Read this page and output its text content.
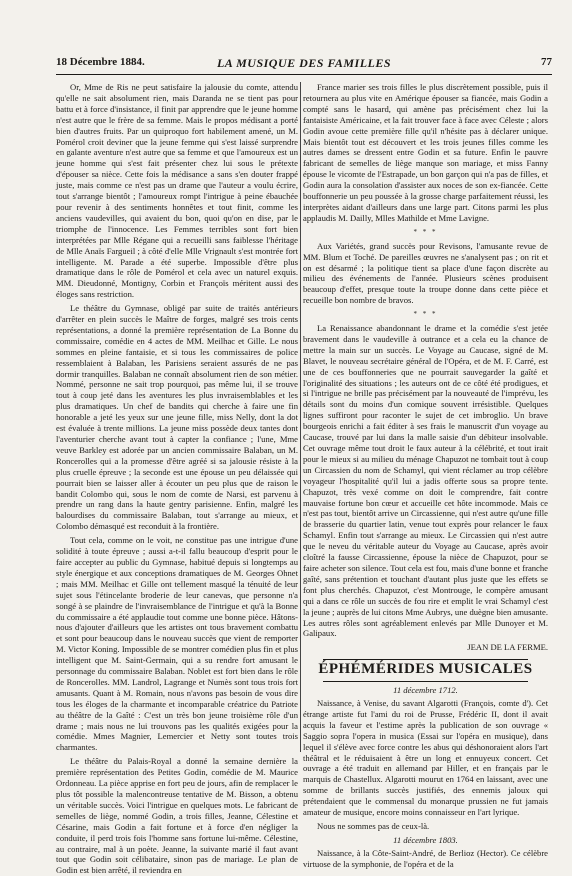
18 Décembre 1884.	LA MUSIQUE DES FAMILLES	77

Or, Mme de Ris ne peut satisfaire la jalousie du comte, attendu qu'elle ne sait absolument rien, mais Daranda ne se tient pas pour battu et à force d'insistance, il finit par apprendre que le jeune homme n'est autre que le frère de sa femme. Mais le propos médisant a porté bien d'autres fruits. Par un quiproquo fort habilement amené, un M. Pomérol croit deviner que la jeune femme qui s'est laissé surprendre en galante aventure n'est autre que sa femme et que l'amoureux est un jeune homme qui s'est fait présenter chez lui sous le prétexte d'épouser sa nièce. Cette fois la médisance a sans s'en douter frappé juste, mais comme ce n'est pas un drame que l'auteur a voulu écrire, tout s'arrange bientôt ; l'amoureux rompt l'intrigue à peine ébauchée pour revenir à des sentiments honnêtes et tout finit, comme les anciens vaudevilles, qui avaient du bon, quoi qu'on en dise, par le triomphe de l'innocence. Les Femmes terribles sont fort bien interprétées par Mlle Régane qui a recueilli sans faiblesse l'héritage de Mlle Anaïs Fargueil ; à côté d'elle Mlle Vrignault s'est montrée fort intelligente. M. Parade a été superbe. Impossible d'être plus dramatique dans le rôle de Pomérol et cela avec un naturel exquis. MM. Dieudonné, Montigny, Corbin et Françoïs méritent aussi des éloges sans restriction.

Le théâtre du Gymnase, obligé par suite de traités antérieurs d'arrêter en plein succès le Maître de forges, malgré ses trois cents représentations, a donné la première représentation de La Bonne du commissaire, comédie en 4 actes de MM. Meilhac et Gille. Le nous sommes en pleine fantaisie, et si tous les commissaires de police ressemblaient à Balaban, les Parisiens seraient assurés de ne pas dormir tranquilles. Balaban ne connaît absolument rien de son métier. Nommé, personne ne sait trop pourquoi, pas même lui, il se trouve tout à coup jeté dans les aventures les plus invraisemblables et les plus dramatiques. Un chef de bandits qui cherche à faire une fin honorable a jeté les yeux sur une jeune fille, miss Nelly, dont la dot est évaluée à trente millions. La jeune miss possède deux tantes dont l'aventurier cherche avant tout à capter la confiance ; l'une, Mme veuve Barkley est adorée par un ancien commissaire Balaban, un M. Roncerolles qui a la promesse d'être agréé si sa jalousie résiste à la plus cruelle épreuve ; la seconde est une épouse un peu délaissée qui pourrait bien se laisser aller à écouter un peu plus que de raison le bandit Colombo qui, sous le nom de comte de Narsi, est parvenu à prendre un rang dans la haute gentry parisienne. Enfin, malgré les balourdises du commissaire Balaban, tout s'arrange au mieux, et Colombo démasqué est reconduit à la frontière.

Tout cela, comme on le voit, ne constitue pas une intrigue d'une solidité à toute épreuve ; aussi a-t-il fallu beaucoup d'esprit pour le faire accepter au public du Gymnase, habitué depuis si longtemps au style énergique et aux conceptions dramatiques de M. Georges Ohnet ; mais MM. Meilhac et Gille ont tellement masqué la ténuité de leur sujet sous l'étincelante broderie de leur canevas, que personne n'a songé à se plaindre de l'invraisemblance de l'intrigue et qu'à la Bonne du commissaire a été applaudie tout comme une bonne pièce. Hâtons-nous d'ajouter d'ailleurs que les artistes ont tous bravement combattu et sont pour beaucoup dans le nouveau succès que vient de remporter M. Victor Koning. Impossible de se montrer comédien plus fin et plus intelligent que M. Saint-Germain, qui a su rendre fort amusant le personnage du commissaire Balaban. Noblet est fort bien dans le rôle de Roncerolles. MM. Landrol, Lagrange et Numès sont tous trois fort amusants. Quant à M. Romain, nous n'avons pas besoin de vous dire tous les éloges de la charmante et incomparable créatrice du Patriote au théâtre de la Gaîté : C'est un très bon jeune troisième rôle d'un drame ; mais nous ne lui trouvons pas les qualités exigées pour la comédie. Mmes Magnier, Lemercier et Netty sont toutes trois charmantes.

Le théâtre du Palais-Royal a donné la semaine dernière la première représentation des Petites Godin, comédie de M. Maurice Ordonneau. La pièce apprise en fort peu de jours, afin de remplacer le plus tôt possible la malencontreuse tentative de M. Bisson, a obtenu un véritable succès. Voici l'intrigue en quelques mots. Le fabricant de semelles de liège, nommé Godin, a trois filles, Jeanne, Célestine et Césarine, mais Godin a fait fortune et à force d'en négliger la conduite, il perd trois fois l'homme sans fortune lui-même. Célestine, au contraire, mal à un poète. Jeanne, la suivante marié il faut avant tout que Godin soit célibataire, sinon pas de mariage. Le plan de Godin est bien arrêté, il reviendra en

France marier ses trois filles le plus discrètement possible, puis il retournera au plus vite en Amérique épouser sa fiancée, mais Godin a compté sans le hasard, qui amène pas précisément chez lui la fantaisiste Américaine, et la fait trouver face à face avec Céleste ; alors Godin avoue cette première fille qu'il n'hésite pas à déclarer unique. Mais bientôt tout est découvert et les trois jeunes filles comme les autres dames se dressent entre Godin et sa future. Enfin le pauvre fabricant de semelles de liège manque son mariage, et miss Fanny épouse le vicomte de l'Estrapade, un bon garçon qui n'a pas de filles, et Godin aura la consolation d'assister aux noces de son ex-fiancée. Cette bouffonnerie un peu poussée à la grosse charge parfaitement réussi, les interprètes aidant d'ailleurs dans une large part. Citons parmi les plus applaudis M. Dailly, Mlles Mathilde et Mme Lavigne.

* * *

Aux Variétés, grand succès pour Revisons, l'amusante revue de MM. Blum et Toché. De pareilles œuvres ne s'analysent pas ; on rit et on est désarmé ; la politique tient sa place d'une façon discrète au milieu des événements de l'année. Plusieurs scènes produisent beaucoup d'effet, presque toute la troupe donne dans cette pièce et recueille bon nombre de bravos.

* * *

La Renaissance abandonnant le drame et la comédie s'est jetée bravement dans le vaudeville à outrance et a cela eu la chance de mettre la main sur un succès. Le Voyage au Caucase, signé de M. Blavet, le nouveau secrétaire général de l'Opéra, et de M. F. Carré, est une de ces bouffonneries que ne pourrait sauvegarder la gaîté et l'originalité des situations ; les auteurs ont de ce côté été prodigues, et si l'intrigue ne brille pas précisément par la nouveauté de l'imprévu, les détails sont du moins d'un comique souvent irrésistible. Quelques lignes suffiront pour raconter le sujet de cet imbroglio. Un brave bourgeois enrichi a fait éditer à ses frais le manuscrit d'un voyage au Caucase, trouvé par lui dans la malle saisie d'un débiteur insolvable. Cet ouvrage même tout droit le faux auteur à la célébrité, et tout irait pour le mieux si au milieu du ménage Chapuzot ne tombait tout à coup un Circassien du nom de Schamyl, qui vient réclamer au trop célèbre voyageur l'hospitalité qu'il lui a jadis offerte sous sa propre tente. Chapuzot, très vexé comme on doit le comprendre, fait contre mauvaise fortune bon cœur et accueille cet hôte incommode. Mais ce n'est pas tout, bientôt arrive un Circassienne, qui n'est autre qu'une fille de brasserie du quartier latin, venue tout exprès pour relancer le faux Schamyl. Enfin tout s'arrange au mieux. Le Circassien qui n'est autre que le neveu du véritable auteur du Voyage au Caucase, après avoir cloîtré la fausse Circassienne, épouse la nièce de Chapuzot, pour se faire acheter son silence. Tout cela est fou, mais d'une bonne et franche gaîté, sans prétention et touchant d'autant plus juste que les effets se font plus cherchés. Chapuzot, c'est Montrouge, le compère amusant qui a dans ce rôle un succès de fou rire et emplit le vrai Schamyl c'est la jeune ; auprès de lui citons Mme Aubrys, une duègne bien amusante. Les autres rôles sont agréablement enlevés par Mlle Dunoyer et M. Galipaux.

JEAN DE LA FERME.

ÉPHÉMÉRIDES MUSICALES

11 décembre 1712.

Naissance, à Venise, du savant Algarotti (François, comte d'). Cet étrange artiste fut l'ami du roi de Prusse, Frédéric II, dont il avait acquis la faveur et l'estime après la publication de son ouvrage « Saggio sopra l'opera in musica (Essai sur l'opéra en musique), dans lequel il s'élève avec force contre les abus qui déshonoraient alors l'art théâtral et le réduisaient à être un long et ennuyeux concert. Cet ouvrage a été traduit en allemand par Hiller, et en français par le marquis de Chastellux. Algarotti mourut en 1764 en laissant, avec une somme de brillants succès justifiés, des ennemis jaloux qui prétendaient que le commensal du monarque prussien ne fut jamais amateur de musique, encore moins connaisseur en l'art lyrique.

Nous ne sommes pas de ceux-là.

11 décembre 1803.

Naissance, à la Côte-Saint-André, de Berlioz (Hector). Ce célèbre virtuose de la symphonie, de l'opéra et de la
